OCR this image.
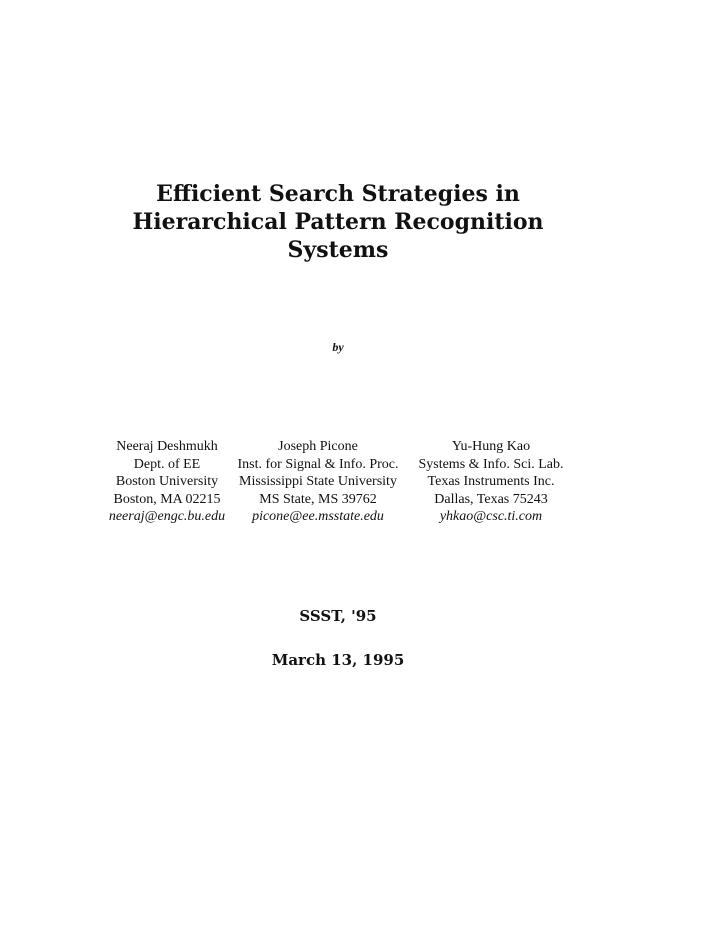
Efficient Search Strategies in
Hierarchical Pattern Recognition
Systems
by
Neeraj Deshmukh
Dept. of EE
Boston University
Boston, MA 02215
neeraj@engc.bu.edu
Joseph Picone
Inst. for Signal & Info. Proc.
Mississippi State University
MS State, MS 39762
picone@ee.msstate.edu
Yu-Hung Kao
Systems & Info. Sci. Lab.
Texas Instruments Inc.
Dallas, Texas 75243
yhkao@csc.ti.com
SSST, '95
March 13, 1995
